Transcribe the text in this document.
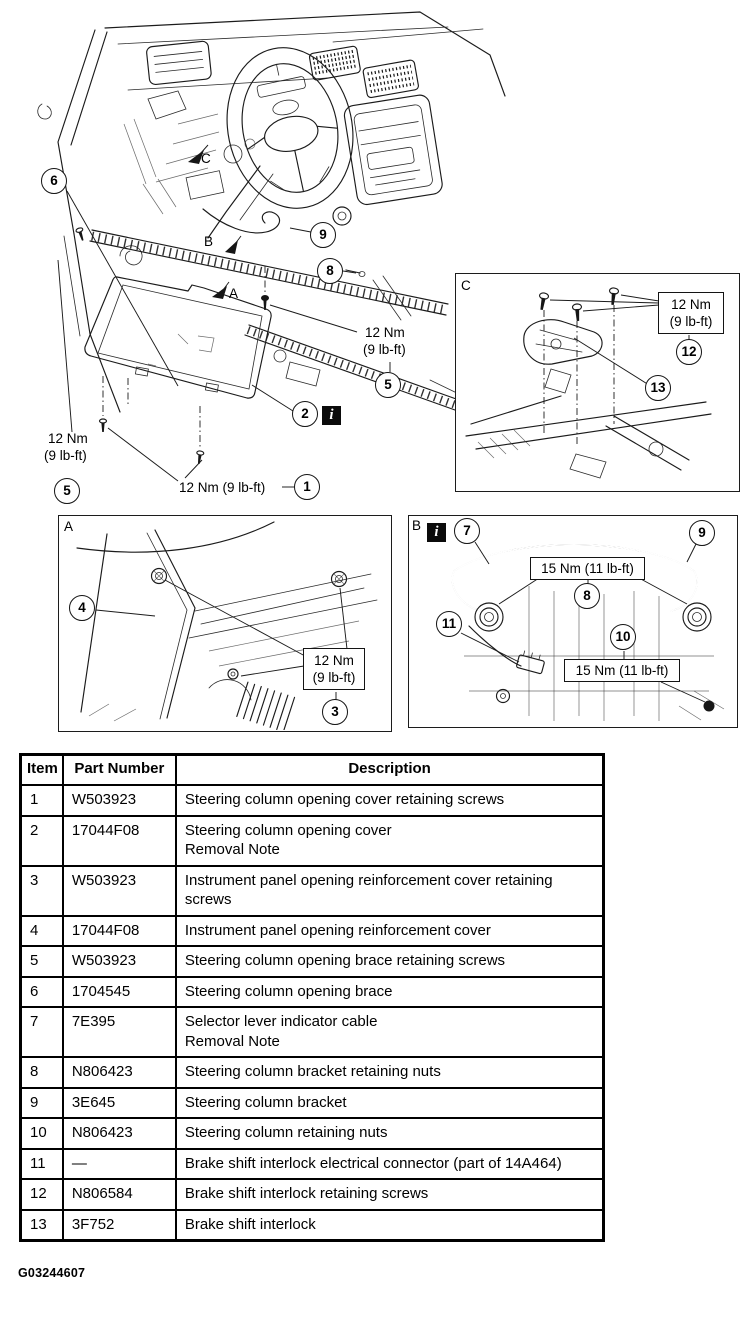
C
B
A
12 Nm
(9 lb-ft)
12 Nm
(9 lb-ft)
12 Nm (9 lb-ft)
6
9
8
2
5
5	1
i
C
12 Nm
(9 lb-ft)
12
13
A
12 Nm
(9 lb-ft)
4
3
B i
15 Nm (11 lb-ft)
15 Nm (11 lb-ft)
7	9
8
11
10
Item	Part Number	Description
1	W503923	Steering column opening cover retaining screws

2	17044F08	Steering column opening cover
Removal Note

3	W503923	Instrument panel opening reinforcement cover retaining screws

4	17044F08	Instrument panel opening reinforcement cover

5	W503923	Steering column opening brace retaining screws

6	1704545	Steering column opening brace

7	7E395	Selector lever indicator cable
Removal Note

8	N806423	Steering column bracket retaining nuts

9	3E645	Steering column bracket

10	N806423	Steering column retaining nuts

11	—	Brake shift interlock electrical connector (part of 14A464)

12	N806584	Brake shift interlock retaining screws

13	3F752	Brake shift interlock
G03244607
